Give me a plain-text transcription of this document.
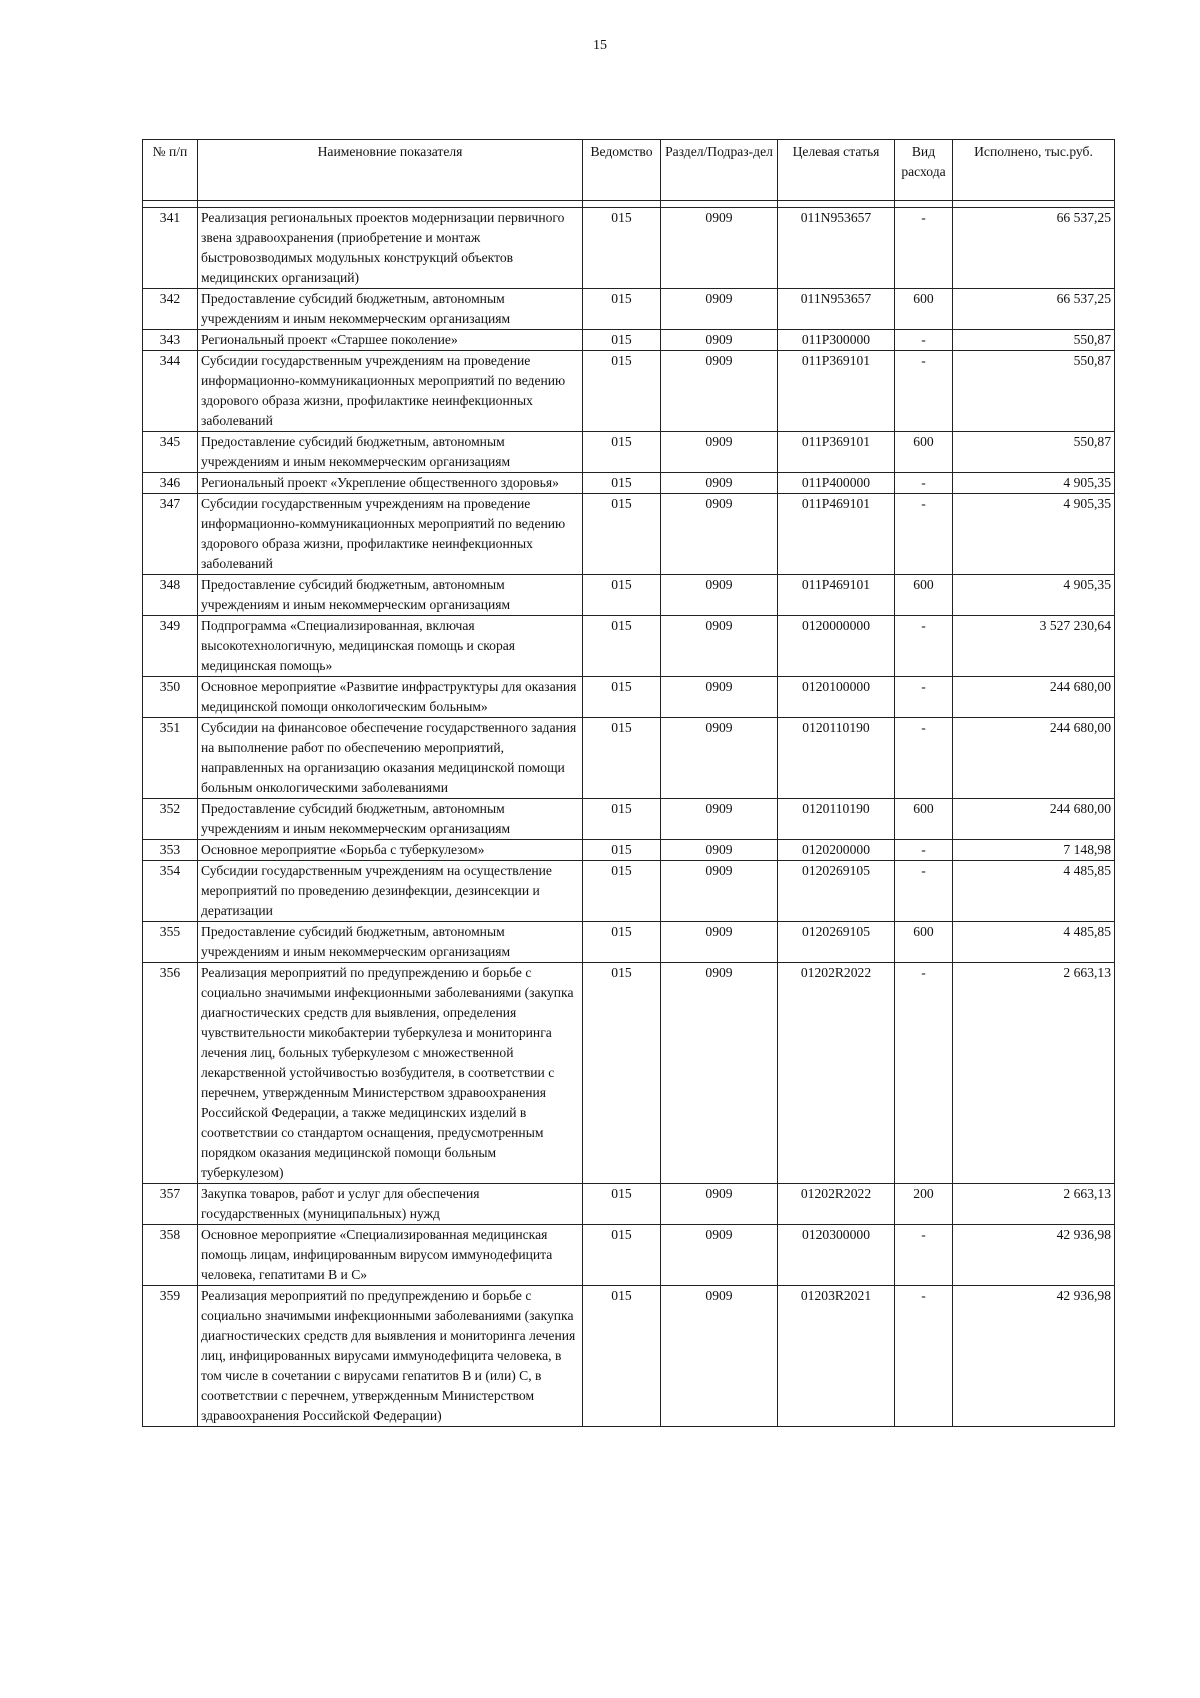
15
№ п/п	Наименовние показателя	Ведомство	Раздел/Подраз-дел	Целевая статья	Вид расхода	Исполнено, тыс.руб.

341	Реализация региональных проектов модернизации первичного звена здравоохранения (приобретение и монтаж быстровозводимых модульных конструкций объектов медицинских организаций)	015	0909	011N953657	-	66 537,25
342	Предоставление субсидий бюджетным, автономным учреждениям и иным некоммерческим организациям	015	0909	011N953657	600	66 537,25
343	Региональный проект «Старшее поколение»	015	0909	011P300000	-	550,87
344	Субсидии государственным учреждениям на проведение информационно-коммуникационных мероприятий по ведению здорового образа жизни, профилактике неинфекционных заболеваний	015	0909	011P369101	-	550,87
345	Предоставление субсидий бюджетным, автономным учреждениям и иным некоммерческим организациям	015	0909	011P369101	600	550,87
346	Региональный проект «Укрепление общественного здоровья»	015	0909	011P400000	-	4 905,35
347	Субсидии государственным учреждениям на проведение информационно-коммуникационных мероприятий по ведению здорового образа жизни, профилактике неинфекционных заболеваний	015	0909	011P469101	-	4 905,35
348	Предоставление субсидий бюджетным, автономным учреждениям и иным некоммерческим организациям	015	0909	011P469101	600	4 905,35
349	Подпрограмма «Специализированная, включая высокотехнологичную, медицинская помощь и скорая медицинская помощь»	015	0909	0120000000	-	3 527 230,64
350	Основное мероприятие «Развитие инфраструктуры для оказания медицинской помощи онкологическим больным»	015	0909	0120100000	-	244 680,00
351	Субсидии на финансовое обеспечение государственного задания на выполнение работ по обеспечению мероприятий, направленных на организацию оказания медицинской помощи больным онкологическими заболеваниями	015	0909	0120110190	-	244 680,00
352	Предоставление субсидий бюджетным, автономным учреждениям и иным некоммерческим организациям	015	0909	0120110190	600	244 680,00
353	Основное мероприятие «Борьба с туберкулезом»	015	0909	0120200000	-	7 148,98
354	Субсидии государственным учреждениям на осуществление мероприятий по проведению дезинфекции, дезинсекции и дератизации	015	0909	0120269105	-	4 485,85
355	Предоставление субсидий бюджетным, автономным учреждениям и иным некоммерческим организациям	015	0909	0120269105	600	4 485,85
356	Реализация мероприятий по предупреждению и борьбе с социально значимыми инфекционными заболеваниями (закупка диагностических средств для выявления, определения чувствительности микобактерии туберкулеза и мониторинга лечения лиц, больных туберкулезом с множественной лекарственной устойчивостью возбудителя, в соответствии с перечнем, утвержденным Министерством здравоохранения Российской Федерации, а также медицинских изделий в соответствии со стандартом оснащения, предусмотренным порядком оказания медицинской помощи больным туберкулезом)	015	0909	01202R2022	-	2 663,13
357	Закупка товаров, работ и услуг для обеспечения государственных (муниципальных) нужд	015	0909	01202R2022	200	2 663,13
358	Основное мероприятие «Специализированная медицинская помощь лицам, инфицированным вирусом иммунодефицита человека, гепатитами В и С»	015	0909	0120300000	-	42 936,98
359	Реализация мероприятий по предупреждению и борьбе с социально значимыми инфекционными заболеваниями (закупка диагностических средств для выявления и мониторинга лечения лиц, инфицированных вирусами иммунодефицита человека, в том числе в сочетании с вирусами гепатитов В и (или) С, в соответствии с перечнем, утвержденным Министерством здравоохранения Российской Федерации)	015	0909	01203R2021	-	42 936,98
